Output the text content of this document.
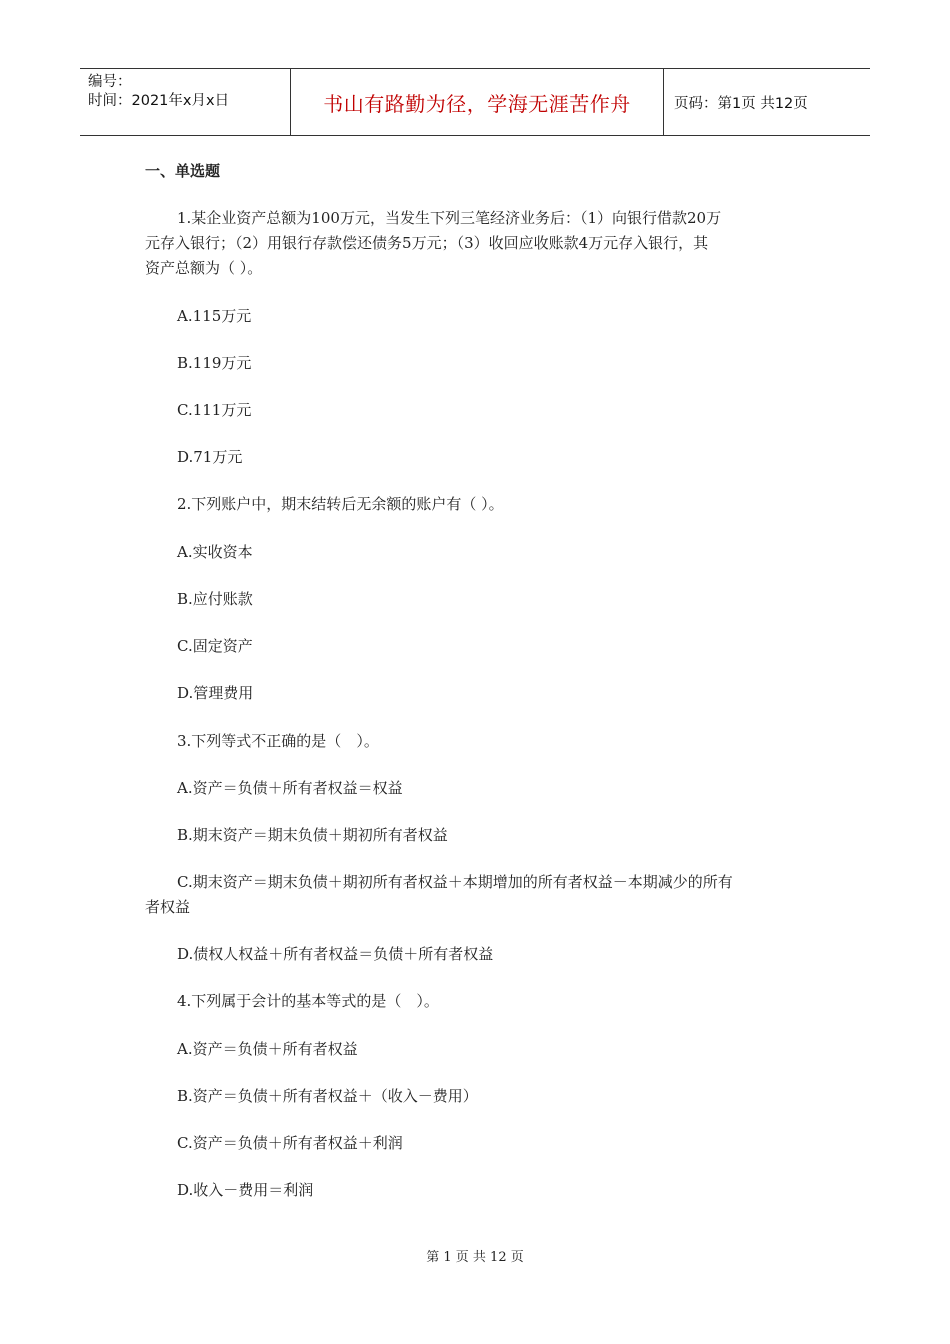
编号：
时间：2021年x月x日	书山有路勤为径，学海无涯苦作舟	页码：第1页 共12页
一、单选题
1.某企业资产总额为100万元，当发生下列三笔经济业务后：（1）向银行借款20万
元存入银行；（2）用银行存款偿还债务5万元；（3）收回应收账款4万元存入银行，其
资产总额为（ ）。
A.115万元
B.119万元
C.111万元
D.71万元
2.下列账户中，期末结转后无余额的账户有（ ）。
A.实收资本
B.应付账款
C.固定资产
D.管理费用
3.下列等式不正确的是（　）。
A.资产＝负债＋所有者权益＝权益
B.期末资产＝期末负债＋期初所有者权益
C.期末资产＝期末负债＋期初所有者权益＋本期增加的所有者权益－本期减少的所有
者权益
D.债权人权益＋所有者权益＝负债＋所有者权益
4.下列属于会计的基本等式的是（　）。
A.资产＝负债＋所有者权益
B.资产＝负债＋所有者权益＋（收入－费用）
C.资产＝负债＋所有者权益＋利润
D.收入－费用＝利润
第 1 页 共 12 页
